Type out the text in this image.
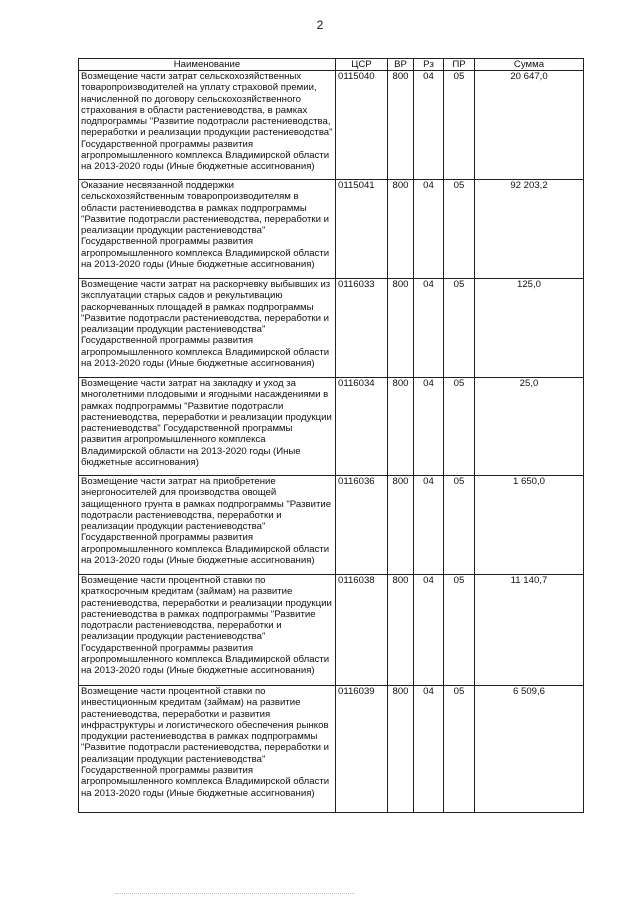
2
Наименование	ЦСР	ВР	Рз	ПР	Сумма
Возмещение части затрат сельскохозяйственных товаропроизводителей на уплату страховой премии, начисленной по договору сельскохозяйственного страхования в области растениеводства, в рамках подпрограммы "Развитие подотрасли растениеводства, переработки и реализации продукции растениеводства" Государственной программы развития агропромышленного комплекса Владимирской области на 2013-2020 годы (Иные бюджетные ассигнования)	0115040	800	04	05	20 647,0
Оказание несвязанной поддержки сельскохозяйственным товаропроизводителям в области растениеводства в рамках подпрограммы "Развитие подотрасли растениеводства, переработки и реализации продукции растениеводства" Государственной программы развития агропромышленного комплекса Владимирской области на 2013-2020 годы (Иные бюджетные ассигнования)	0115041	800	04	05	92 203,2
Возмещение части затрат на раскорчевку выбывших из эксплуатации старых садов и рекультивацию раскорчеванных площадей в рамках подпрограммы "Развитие подотрасли растениеводства, переработки и реализации продукции растениеводства" Государственной программы развития агропромышленного комплекса Владимирской области на 2013-2020 годы (Иные бюджетные ассигнования)	0116033	800	04	05	125,0
Возмещение части затрат на закладку и уход за многолетними плодовыми и ягодными насаждениями в рамках подпрограммы "Развитие подотрасли растениеводства, переработки и реализации продукции растениеводства" Государственной программы развития агропромышленного комплекса Владимирской области на 2013-2020 годы (Иные бюджетные ассигнования)	0116034	800	04	05	25,0
Возмещение части затрат на приобретение энергоносителей для производства овощей защищенного грунта в рамках подпрограммы "Развитие подотрасли растениеводства, переработки и реализации продукции растениеводства" Государственной программы развития агропромышленного комплекса Владимирской области на 2013-2020 годы (Иные бюджетные ассигнования)	0116036	800	04	05	1 650,0
Возмещение части процентной ставки по краткосрочным кредитам (займам) на развитие растениеводства, переработки и реализации продукции растениеводства в рамках подпрограммы "Развитие подотрасли растениеводства, переработки и реализации продукции растениеводства" Государственной программы развития агропромышленного комплекса Владимирской области на 2013-2020 годы (Иные бюджетные ассигнования)	0116038	800	04	05	11 140,7
Возмещение части процентной ставки по инвестиционным кредитам (займам) на развитие растениеводства, переработки и развития инфраструктуры и логистического обеспечения рынков продукции растениеводства в рамках подпрограммы "Развитие подотрасли растениеводства, переработки и реализации продукции растениеводства" Государственной программы развития агропромышленного комплекса Владимирской области на 2013-2020 годы (Иные бюджетные ассигнования)	0116039	800	04	05	6 509,6
